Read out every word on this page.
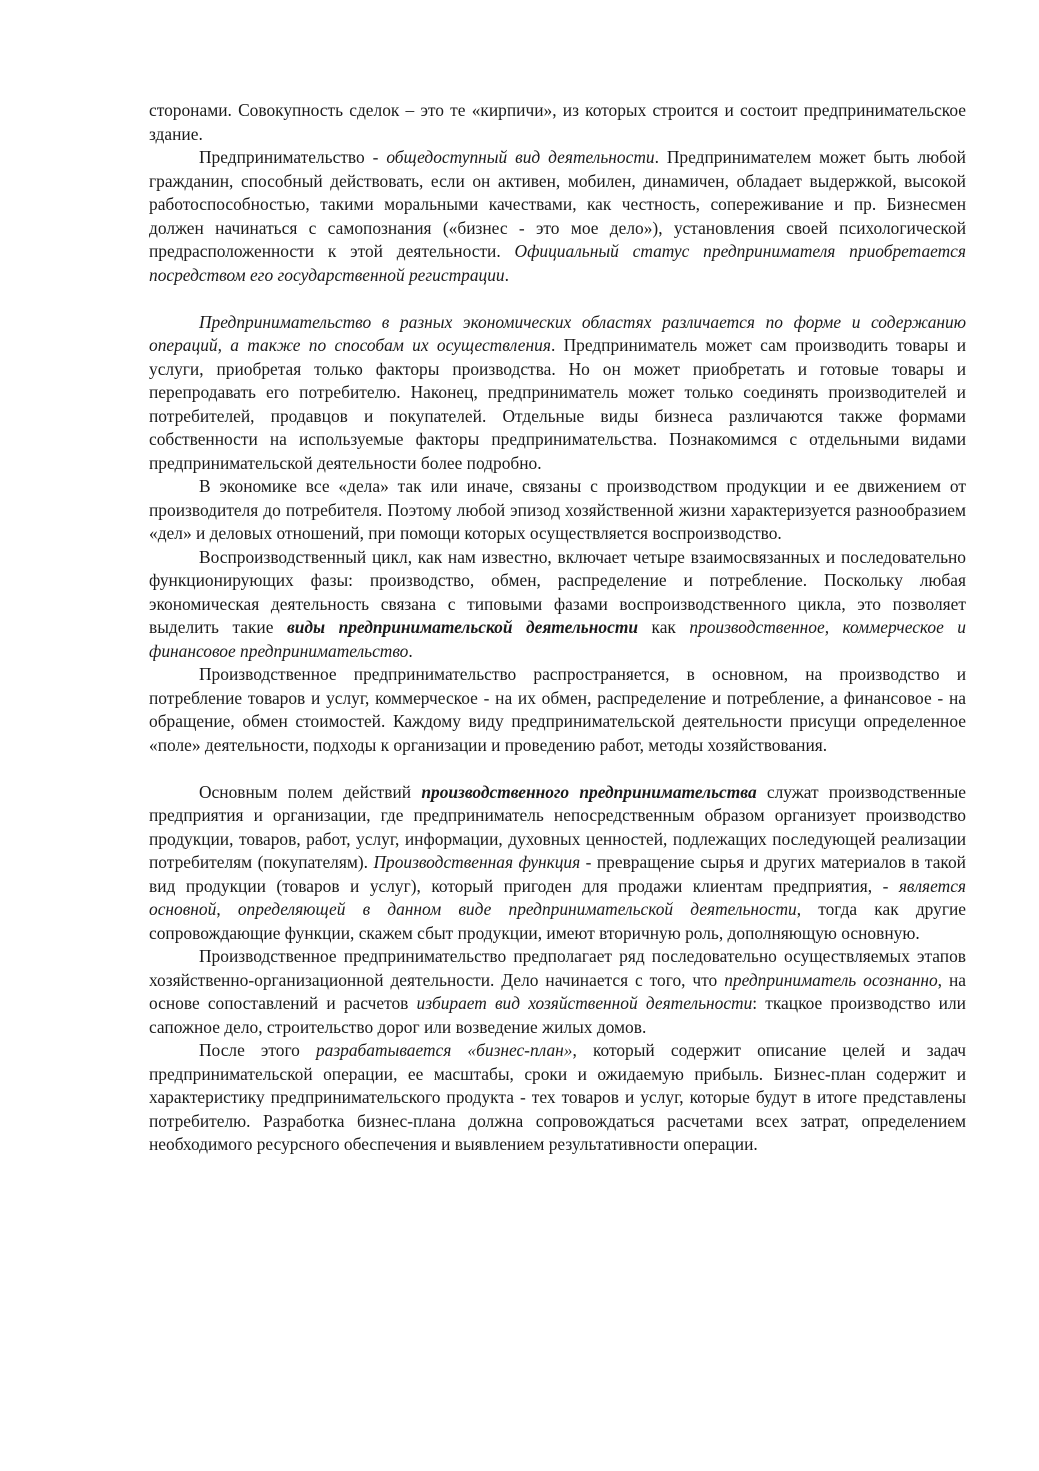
сторонами. Совокупность сделок – это те «кирпичи», из которых строится и состоит предпринимательское здание.

Предпринимательство - общедоступный вид деятельности. Предпринимателем может быть любой гражданин, способный действовать, если он активен, мобилен, динамичен, обладает выдержкой, высокой работоспособностью, такими моральными качествами, как честность, сопереживание и пр. Бизнесмен должен начинаться с самопознания («бизнес - это мое дело»), установления своей психологической предрасположенности к этой деятельности. Официальный статус предпринимателя приобретается посредством его государственной регистрации.

Предпринимательство в разных экономических областях различается по форме и содержанию операций, а также по способам их осуществления. Предприниматель может сам производить товары и услуги, приобретая только факторы производства. Но он может приобретать и готовые товары и перепродавать его потребителю. Наконец, предприниматель может только соединять производителей и потребителей, продавцов и покупателей. Отдельные виды бизнеса различаются также формами собственности на используемые факторы предпринимательства. Познакомимся с отдельными видами предпринимательской деятельности более подробно.

В экономике все «дела» так или иначе, связаны с производством продукции и ее движением от производителя до потребителя. Поэтому любой эпизод хозяйственной жизни характеризуется разнообразием «дел» и деловых отношений, при помощи которых осуществляется воспроизводство.

Воспроизводственный цикл, как нам известно, включает четыре взаимосвязанных и последовательно функционирующих фазы: производство, обмен, распределение и потребление. Поскольку любая экономическая деятельность связана с типовыми фазами воспроизводственного цикла, это позволяет выделить такие виды предпринимательской деятельности как производственное, коммерческое и финансовое предпринимательство.

Производственное предпринимательство распространяется, в основном, на производство и потребление товаров и услуг, коммерческое - на их обмен, распределение и потребление, а финансовое - на обращение, обмен стоимостей. Каждому виду предпринимательской деятельности присущи определенное «поле» деятельности, подходы к организации и проведению работ, методы хозяйствования.

Основным полем действий производственного предпринимательства служат производственные предприятия и организации, где предприниматель непосредственным образом организует производство продукции, товаров, работ, услуг, информации, духовных ценностей, подлежащих последующей реализации потребителям (покупателям). Производственная функция - превращение сырья и других материалов в такой вид продукции (товаров и услуг), который пригоден для продажи клиентам предприятия, - является основной, определяющей в данном виде предпринимательской деятельности, тогда как другие сопровождающие функции, скажем сбыт продукции, имеют вторичную роль, дополняющую основную.

Производственное предпринимательство предполагает ряд последовательно осуществляемых этапов хозяйственно-организационной деятельности. Дело начинается с того, что предприниматель осознанно, на основе сопоставлений и расчетов избирает вид хозяйственной деятельности: ткацкое производство или сапожное дело, строительство дорог или возведение жилых домов.

После этого разрабатывается «бизнес-план», который содержит описание целей и задач предпринимательской операции, ее масштабы, сроки и ожидаемую прибыль. Бизнес-план содержит и характеристику предпринимательского продукта - тех товаров и услуг, которые будут в итоге представлены потребителю. Разработка бизнес-плана должна сопровождаться расчетами всех затрат, определением необходимого ресурсного обеспечения и выявлением результативности операции.
